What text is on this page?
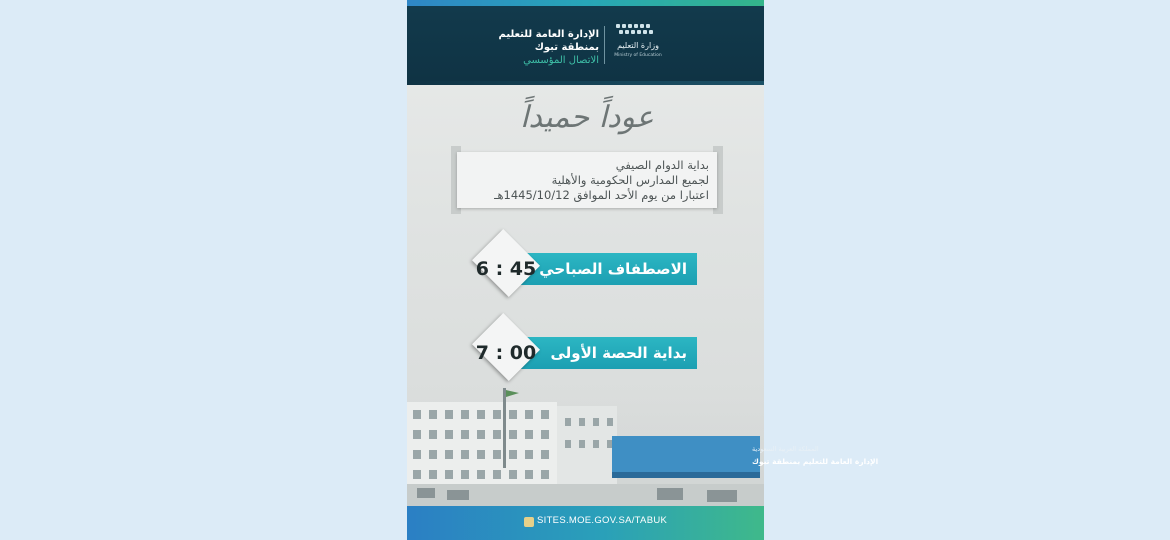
وزارة التعليم
Ministry of Education
الإدارة العامة للتعليم
بمنطقة تبوك
الاتصال المؤسسي
عوداً حميداً
بداية الدوام الصيفي
لجميع المدارس الحكومية والأهلية
اعتبارا من يوم الأحد الموافق 1445/10/12هـ
الاصطفاف الصباحي
6 : 45
بداية الحصة الأولى
7 : 00
المملكة العربية السعودية
الإدارة العامة للتعليم بمنطقة تبوك
SITES.MOE.GOV.SA/TABUK
